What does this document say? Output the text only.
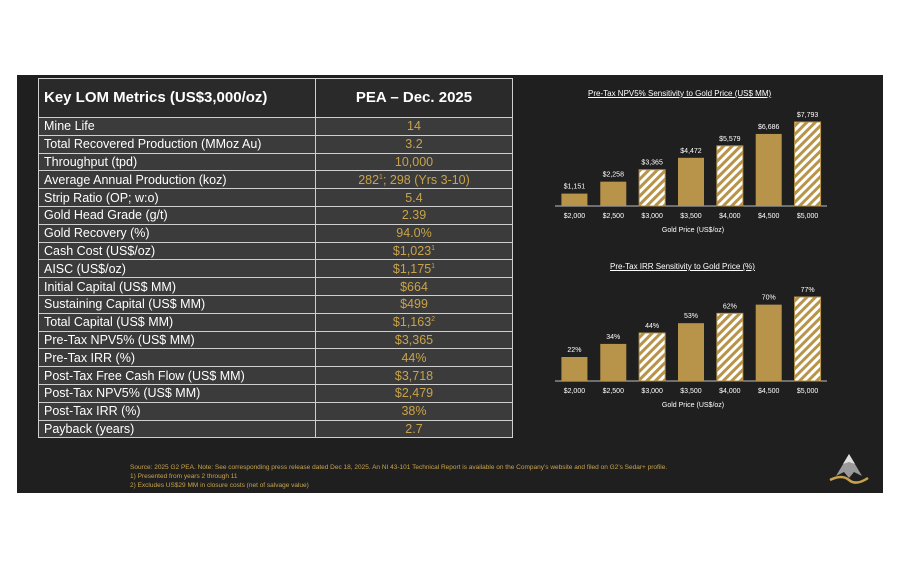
Key LOM Metrics (US$3,000/oz)	PEA – Dec. 2025
Mine Life	14
Total Recovered Production (MMoz Au)	3.2
Throughput (tpd)	10,000
Average Annual Production (koz)	$282^1$; 298 (Yrs 3-10)
Strip Ratio (OP; w:o)	5.4
Gold Head Grade (g/t)	2.39
Gold Recovery (%)	94.0%
Cash Cost (US$/oz)	$1,023$^1$
AISC (US$/oz)	$1,175$^1$
Initial Capital (US$ MM)	$664
Sustaining Capital (US$ MM)	$499
Total Capital (US$ MM)	$1,163$^2$
Pre-Tax NPV5% (US$ MM)	$3,365
Pre-Tax IRR (%)	44%
Post-Tax Free Cash Flow (US$ MM)	$3,718
Post-Tax NPV5% (US$ MM)	$2,479
Post-Tax IRR (%)	38%
Payback (years)	2.7
Pre-Tax NPV5% Sensitivity to Gold Price (US$ MM)
$1,151
$2,000
$2,258
$2,500
$3,365
$3,000
$4,472
$3,500
$5,579
$4,000
$6,686
$4,500
$7,793
$5,000
Gold Price (US$/oz)
Pre-Tax IRR Sensitivity to Gold Price (%)
22%
$2,000
34%
$2,500
44%
$3,000
53%
$3,500
62%
$4,000
70%
$4,500
77%
$5,000
Gold Price (US$/oz)
Source: 2025 G2 PEA. Note: See corresponding press release dated Dec 18, 2025. An NI 43-101 Technical Report is available on the Company’s website and filed on G2’s Sedar+ profile.
1) Presented from years 2 through 11
2) Excludes US$29 MM in closure costs (net of salvage value)
